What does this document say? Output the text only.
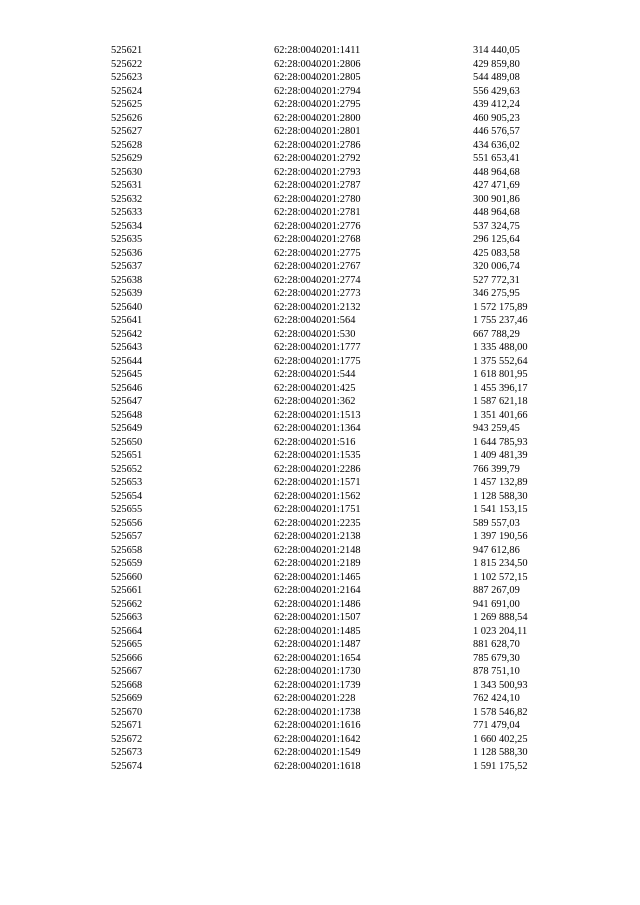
525621	62:28:0040201:1411	314 440,05
525622	62:28:0040201:2806	429 859,80
525623	62:28:0040201:2805	544 489,08
525624	62:28:0040201:2794	556 429,63
525625	62:28:0040201:2795	439 412,24
525626	62:28:0040201:2800	460 905,23
525627	62:28:0040201:2801	446 576,57
525628	62:28:0040201:2786	434 636,02
525629	62:28:0040201:2792	551 653,41
525630	62:28:0040201:2793	448 964,68
525631	62:28:0040201:2787	427 471,69
525632	62:28:0040201:2780	300 901,86
525633	62:28:0040201:2781	448 964,68
525634	62:28:0040201:2776	537 324,75
525635	62:28:0040201:2768	296 125,64
525636	62:28:0040201:2775	425 083,58
525637	62:28:0040201:2767	320 006,74
525638	62:28:0040201:2774	527 772,31
525639	62:28:0040201:2773	346 275,95
525640	62:28:0040201:2132	1 572 175,89
525641	62:28:0040201:564	1 755 237,46
525642	62:28:0040201:530	667 788,29
525643	62:28:0040201:1777	1 335 488,00
525644	62:28:0040201:1775	1 375 552,64
525645	62:28:0040201:544	1 618 801,95
525646	62:28:0040201:425	1 455 396,17
525647	62:28:0040201:362	1 587 621,18
525648	62:28:0040201:1513	1 351 401,66
525649	62:28:0040201:1364	943 259,45
525650	62:28:0040201:516	1 644 785,93
525651	62:28:0040201:1535	1 409 481,39
525652	62:28:0040201:2286	766 399,79
525653	62:28:0040201:1571	1 457 132,89
525654	62:28:0040201:1562	1 128 588,30
525655	62:28:0040201:1751	1 541 153,15
525656	62:28:0040201:2235	589 557,03
525657	62:28:0040201:2138	1 397 190,56
525658	62:28:0040201:2148	947 612,86
525659	62:28:0040201:2189	1 815 234,50
525660	62:28:0040201:1465	1 102 572,15
525661	62:28:0040201:2164	887 267,09
525662	62:28:0040201:1486	941 691,00
525663	62:28:0040201:1507	1 269 888,54
525664	62:28:0040201:1485	1 023 204,11
525665	62:28:0040201:1487	881 628,70
525666	62:28:0040201:1654	785 679,30
525667	62:28:0040201:1730	878 751,10
525668	62:28:0040201:1739	1 343 500,93
525669	62:28:0040201:228	762 424,10
525670	62:28:0040201:1738	1 578 546,82
525671	62:28:0040201:1616	771 479,04
525672	62:28:0040201:1642	1 660 402,25
525673	62:28:0040201:1549	1 128 588,30
525674	62:28:0040201:1618	1 591 175,52
